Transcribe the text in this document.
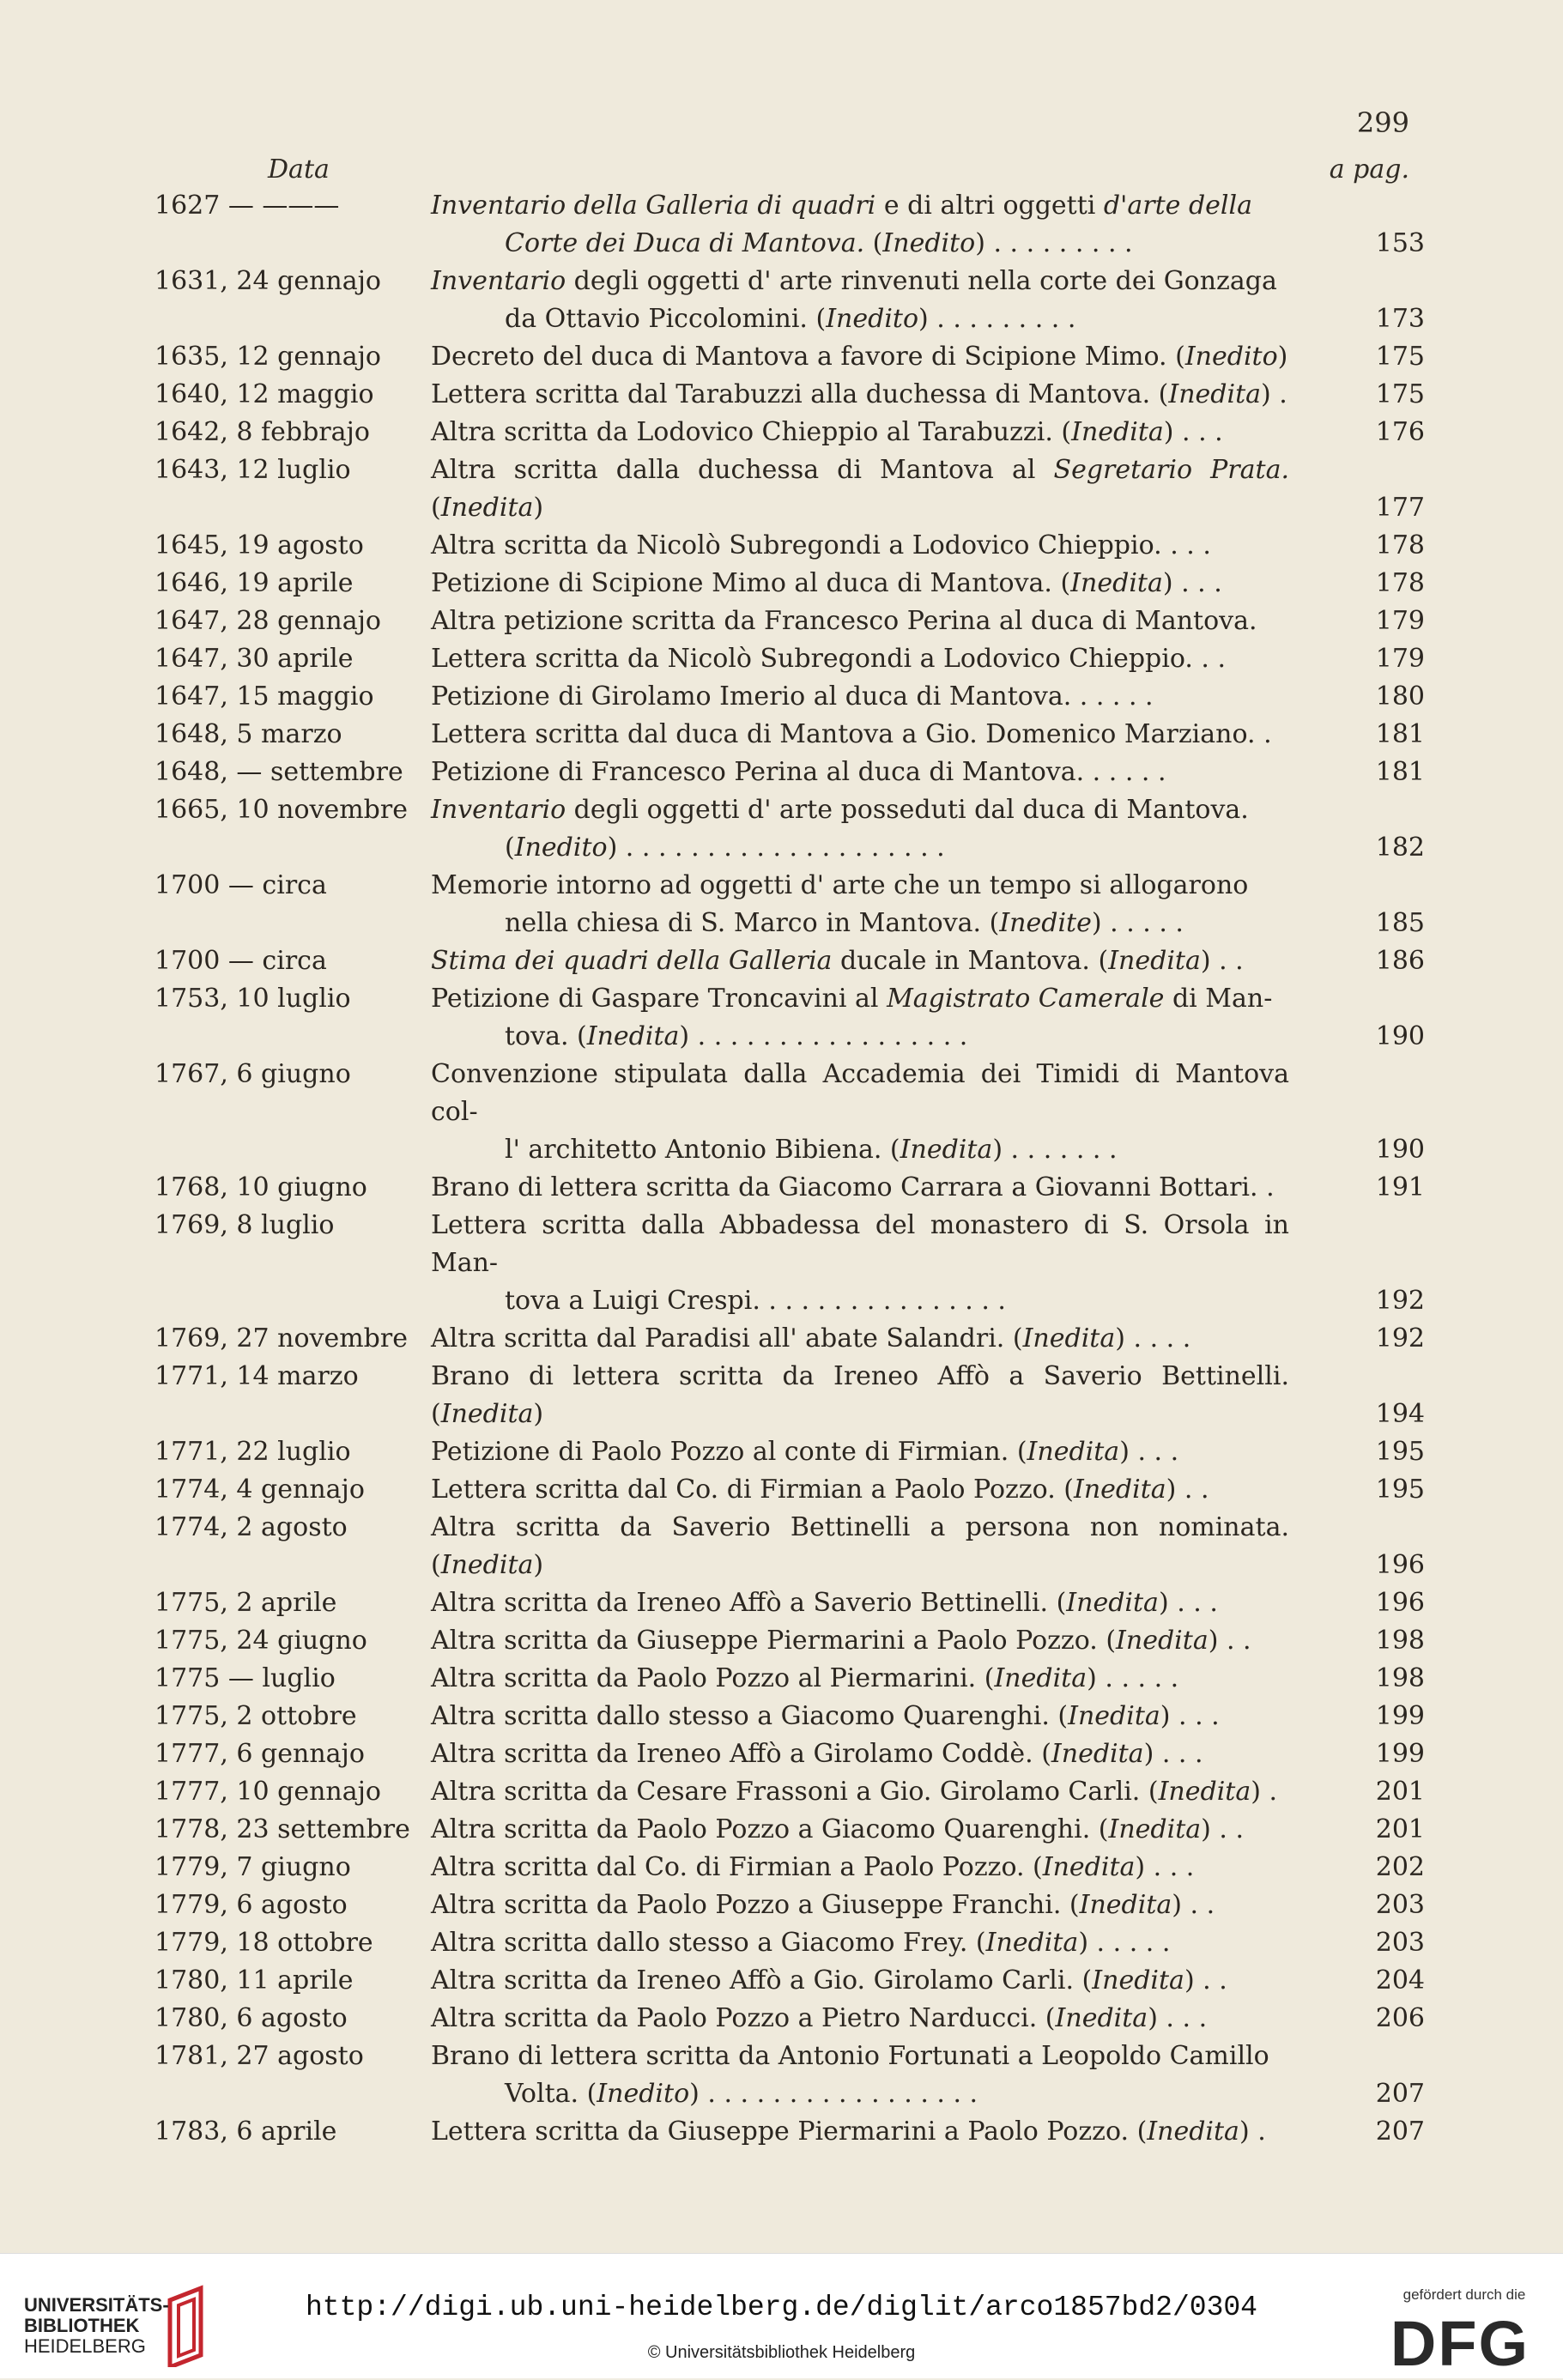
299
Data	a pag.
1627 — ———	Inventario della Galleria di quadri e di altri oggetti d'arte della
Corte dei Duca di Mantova. (Inedito) . . . . . . . . .	153
1631, 24 gennajo	Inventario degli oggetti d' arte rinvenuti nella corte dei Gonzaga
da Ottavio Piccolomini. (Inedito) . . . . . . . . .	173
1635, 12 gennajo	Decreto del duca di Mantova a favore di Scipione Mimo. (Inedito)	175
1640, 12 maggio	Lettera scritta dal Tarabuzzi alla duchessa di Mantova. (Inedita) .	175
1642, 8 febbrajo	Altra scritta da Lodovico Chieppio al Tarabuzzi. (Inedita) . . .	176
1643, 12 luglio	Altra scritta dalla duchessa di Mantova al Segretario Prata. (Inedita)	177
1645, 19 agosto	Altra scritta da Nicolò Subregondi a Lodovico Chieppio. . . .	178
1646, 19 aprile	Petizione di Scipione Mimo al duca di Mantova. (Inedita) . . .	178
1647, 28 gennajo	Altra petizione scritta da Francesco Perina al duca di Mantova.	179
1647, 30 aprile	Lettera scritta da Nicolò Subregondi a Lodovico Chieppio. . .	179
1647, 15 maggio	Petizione di Girolamo Imerio al duca di Mantova. . . . . .	180
1648, 5 marzo	Lettera scritta dal duca di Mantova a Gio. Domenico Marziano. .	181
1648, — settembre	Petizione di Francesco Perina al duca di Mantova. . . . . .	181
1665, 10 novembre Inventario degli oggetti d' arte posseduti dal duca di Mantova.
(Inedito) . . . . . . . . . . . . . . . . . . . .	182
1700 — circa	Memorie intorno ad oggetti d' arte che un tempo si allogarono
nella chiesa di S. Marco in Mantova. (Inedite) . . . . .	185
1700 — circa	Stima dei quadri della Galleria ducale in Mantova. (Inedita) . .	186
1753, 10 luglio	Petizione di Gaspare Troncavini al Magistrato Camerale di Man-
tova. (Inedita) . . . . . . . . . . . . . . . . .	190
1767, 6 giugno	Convenzione stipulata dalla Accademia dei Timidi di Mantova col-
l' architetto Antonio Bibiena. (Inedita) . . . . . . .	190
1768, 10 giugno	Brano di lettera scritta da Giacomo Carrara a Giovanni Bottari. .	191
1769, 8 luglio	Lettera scritta dalla Abbadessa del monastero di S. Orsola in Man-
tova a Luigi Crespi. . . . . . . . . . . . . . . .	192
1769, 27 novembre Altra scritta dal Paradisi all' abate Salandri. (Inedita) . . . .	192
1771, 14 marzo	Brano di lettera scritta da Ireneo Affò a Saverio Bettinelli. (Inedita)	194
1771, 22 luglio	Petizione di Paolo Pozzo al conte di Firmian. (Inedita) . . .	195
1774, 4 gennajo	Lettera scritta dal Co. di Firmian a Paolo Pozzo. (Inedita) . .	195
1774, 2 agosto	Altra scritta da Saverio Bettinelli a persona non nominata. (Inedita)	196
1775, 2 aprile	Altra scritta da Ireneo Affò a Saverio Bettinelli. (Inedita) . . .	196
1775, 24 giugno	Altra scritta da Giuseppe Piermarini a Paolo Pozzo. (Inedita) . .	198
1775 — luglio	Altra scritta da Paolo Pozzo al Piermarini. (Inedita) . . . . .	198
1775, 2 ottobre	Altra scritta dallo stesso a Giacomo Quarenghi. (Inedita) . . .	199
1777, 6 gennajo	Altra scritta da Ireneo Affò a Girolamo Coddè. (Inedita) . . .	199
1777, 10 gennajo	Altra scritta da Cesare Frassoni a Gio. Girolamo Carli. (Inedita) .	201
1778, 23 settembre Altra scritta da Paolo Pozzo a Giacomo Quarenghi. (Inedita) . .	201
1779, 7 giugno	Altra scritta dal Co. di Firmian a Paolo Pozzo. (Inedita) . . .	202
1779, 6 agosto	Altra scritta da Paolo Pozzo a Giuseppe Franchi. (Inedita) . .	203
1779, 18 ottobre	Altra scritta dallo stesso a Giacomo Frey. (Inedita) . . . . .	203
1780, 11 aprile	Altra scritta da Ireneo Affò a Gio. Girolamo Carli. (Inedita) . .	204
1780, 6 agosto	Altra scritta da Paolo Pozzo a Pietro Narducci. (Inedita) . . .	206
1781, 27 agosto	Brano di lettera scritta da Antonio Fortunati a Leopoldo Camillo
Volta. (Inedito) . . . . . . . . . . . . . . . . .	207
1783, 6 aprile	Lettera scritta da Giuseppe Piermarini a Paolo Pozzo. (Inedita) .	207
UNIVERSITÄTS-
BIBLIOTHEK
HEIDELBERG
http://digi.ub.uni-heidelberg.de/diglit/arco1857bd2/0304
© Universitätsbibliothek Heidelberg
gefördert durch die
DFG
